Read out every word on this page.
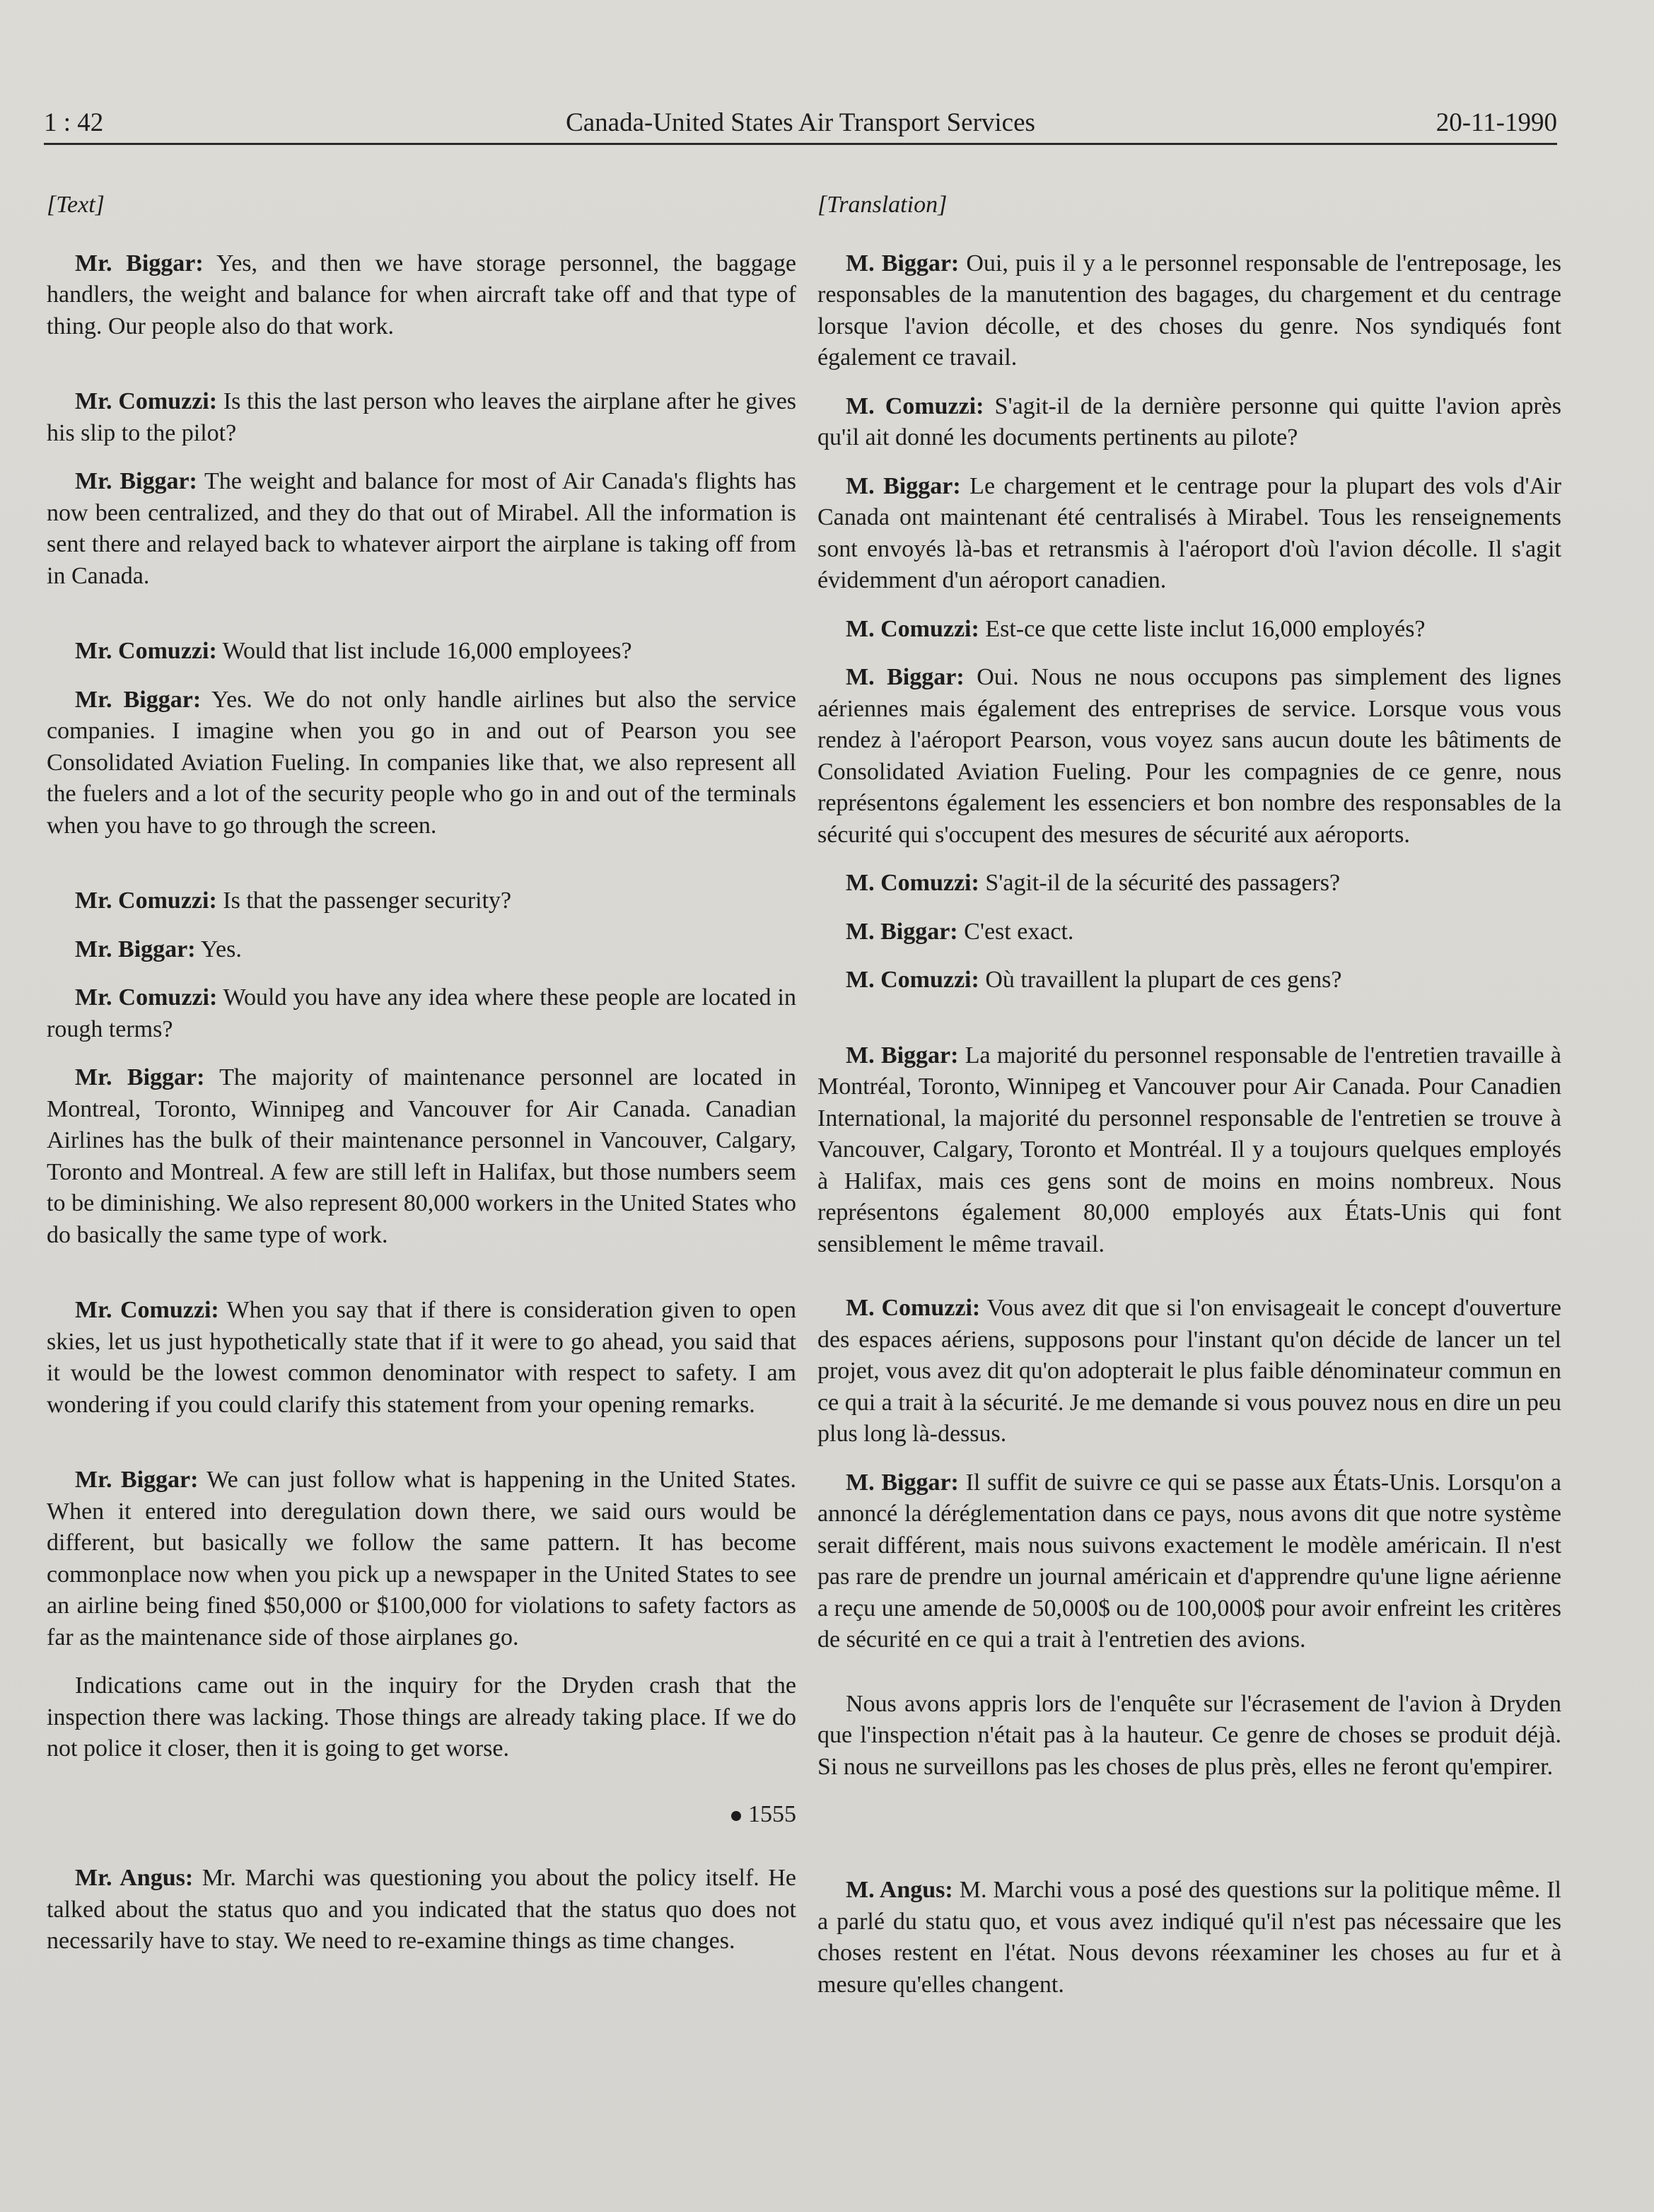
1 : 42	Canada-United States Air Transport Services	20-11-1990
[Text]

Mr. Biggar: Yes, and then we have storage personnel, the baggage handlers, the weight and balance for when aircraft take off and that type of thing. Our people also do that work.

Mr. Comuzzi: Is this the last person who leaves the airplane after he gives his slip to the pilot?

Mr. Biggar: The weight and balance for most of Air Canada's flights has now been centralized, and they do that out of Mirabel. All the information is sent there and relayed back to whatever airport the airplane is taking off from in Canada.

Mr. Comuzzi: Would that list include 16,000 employees?

Mr. Biggar: Yes. We do not only handle airlines but also the service companies. I imagine when you go in and out of Pearson you see Consolidated Aviation Fueling. In companies like that, we also represent all the fuelers and a lot of the security people who go in and out of the terminals when you have to go through the screen.

Mr. Comuzzi: Is that the passenger security?

Mr. Biggar: Yes.

Mr. Comuzzi: Would you have any idea where these people are located in rough terms?

Mr. Biggar: The majority of maintenance personnel are located in Montreal, Toronto, Winnipeg and Vancouver for Air Canada. Canadian Airlines has the bulk of their maintenance personnel in Vancouver, Calgary, Toronto and Montreal. A few are still left in Halifax, but those numbers seem to be diminishing. We also represent 80,000 workers in the United States who do basically the same type of work.

Mr. Comuzzi: When you say that if there is consideration given to open skies, let us just hypothetically state that if it were to go ahead, you said that it would be the lowest common denominator with respect to safety. I am wondering if you could clarify this statement from your opening remarks.

Mr. Biggar: We can just follow what is happening in the United States. When it entered into deregulation down there, we said ours would be different, but basically we follow the same pattern. It has become commonplace now when you pick up a newspaper in the United States to see an airline being fined $50,000 or $100,000 for violations to safety factors as far as the maintenance side of those airplanes go.

Indications came out in the inquiry for the Dryden crash that the inspection there was lacking. Those things are already taking place. If we do not police it closer, then it is going to get worse.

1555

Mr. Angus: Mr. Marchi was questioning you about the policy itself. He talked about the status quo and you indicated that the status quo does not necessarily have to stay. We need to re-examine things as time changes.

[Translation]

M. Biggar: Oui, puis il y a le personnel responsable de l'entreposage, les responsables de la manutention des bagages, du chargement et du centrage lorsque l'avion décolle, et des choses du genre. Nos syndiqués font également ce travail.

M. Comuzzi: S'agit-il de la dernière personne qui quitte l'avion après qu'il ait donné les documents pertinents au pilote?

M. Biggar: Le chargement et le centrage pour la plupart des vols d'Air Canada ont maintenant été centralisés à Mirabel. Tous les renseignements sont envoyés là-bas et retransmis à l'aéroport d'où l'avion décolle. Il s'agit évidemment d'un aéroport canadien.

M. Comuzzi: Est-ce que cette liste inclut 16,000 employés?

M. Biggar: Oui. Nous ne nous occupons pas simplement des lignes aériennes mais également des entreprises de service. Lorsque vous vous rendez à l'aéroport Pearson, vous voyez sans aucun doute les bâtiments de Consolidated Aviation Fueling. Pour les compagnies de ce genre, nous représentons également les essenciers et bon nombre des responsables de la sécurité qui s'occupent des mesures de sécurité aux aéroports.

M. Comuzzi: S'agit-il de la sécurité des passagers?

M. Biggar: C'est exact.

M. Comuzzi: Où travaillent la plupart de ces gens?

M. Biggar: La majorité du personnel responsable de l'entretien travaille à Montréal, Toronto, Winnipeg et Vancouver pour Air Canada. Pour Canadien International, la majorité du personnel responsable de l'entretien se trouve à Vancouver, Calgary, Toronto et Montréal. Il y a toujours quelques employés à Halifax, mais ces gens sont de moins en moins nombreux. Nous représentons également 80,000 employés aux États-Unis qui font sensiblement le même travail.

M. Comuzzi: Vous avez dit que si l'on envisageait le concept d'ouverture des espaces aériens, supposons pour l'instant qu'on décide de lancer un tel projet, vous avez dit qu'on adopterait le plus faible dénominateur commun en ce qui a trait à la sécurité. Je me demande si vous pouvez nous en dire un peu plus long là-dessus.

M. Biggar: Il suffit de suivre ce qui se passe aux États-Unis. Lorsqu'on a annoncé la déréglementation dans ce pays, nous avons dit que notre système serait différent, mais nous suivons exactement le modèle américain. Il n'est pas rare de prendre un journal américain et d'apprendre qu'une ligne aérienne a reçu une amende de 50,000$ ou de 100,000$ pour avoir enfreint les critères de sécurité en ce qui a trait à l'entretien des avions.

Nous avons appris lors de l'enquête sur l'écrasement de l'avion à Dryden que l'inspection n'était pas à la hauteur. Ce genre de choses se produit déjà. Si nous ne surveillons pas les choses de plus près, elles ne feront qu'empirer.

M. Angus: M. Marchi vous a posé des questions sur la politique même. Il a parlé du statu quo, et vous avez indiqué qu'il n'est pas nécessaire que les choses restent en l'état. Nous devons réexaminer les choses au fur et à mesure qu'elles changent.
